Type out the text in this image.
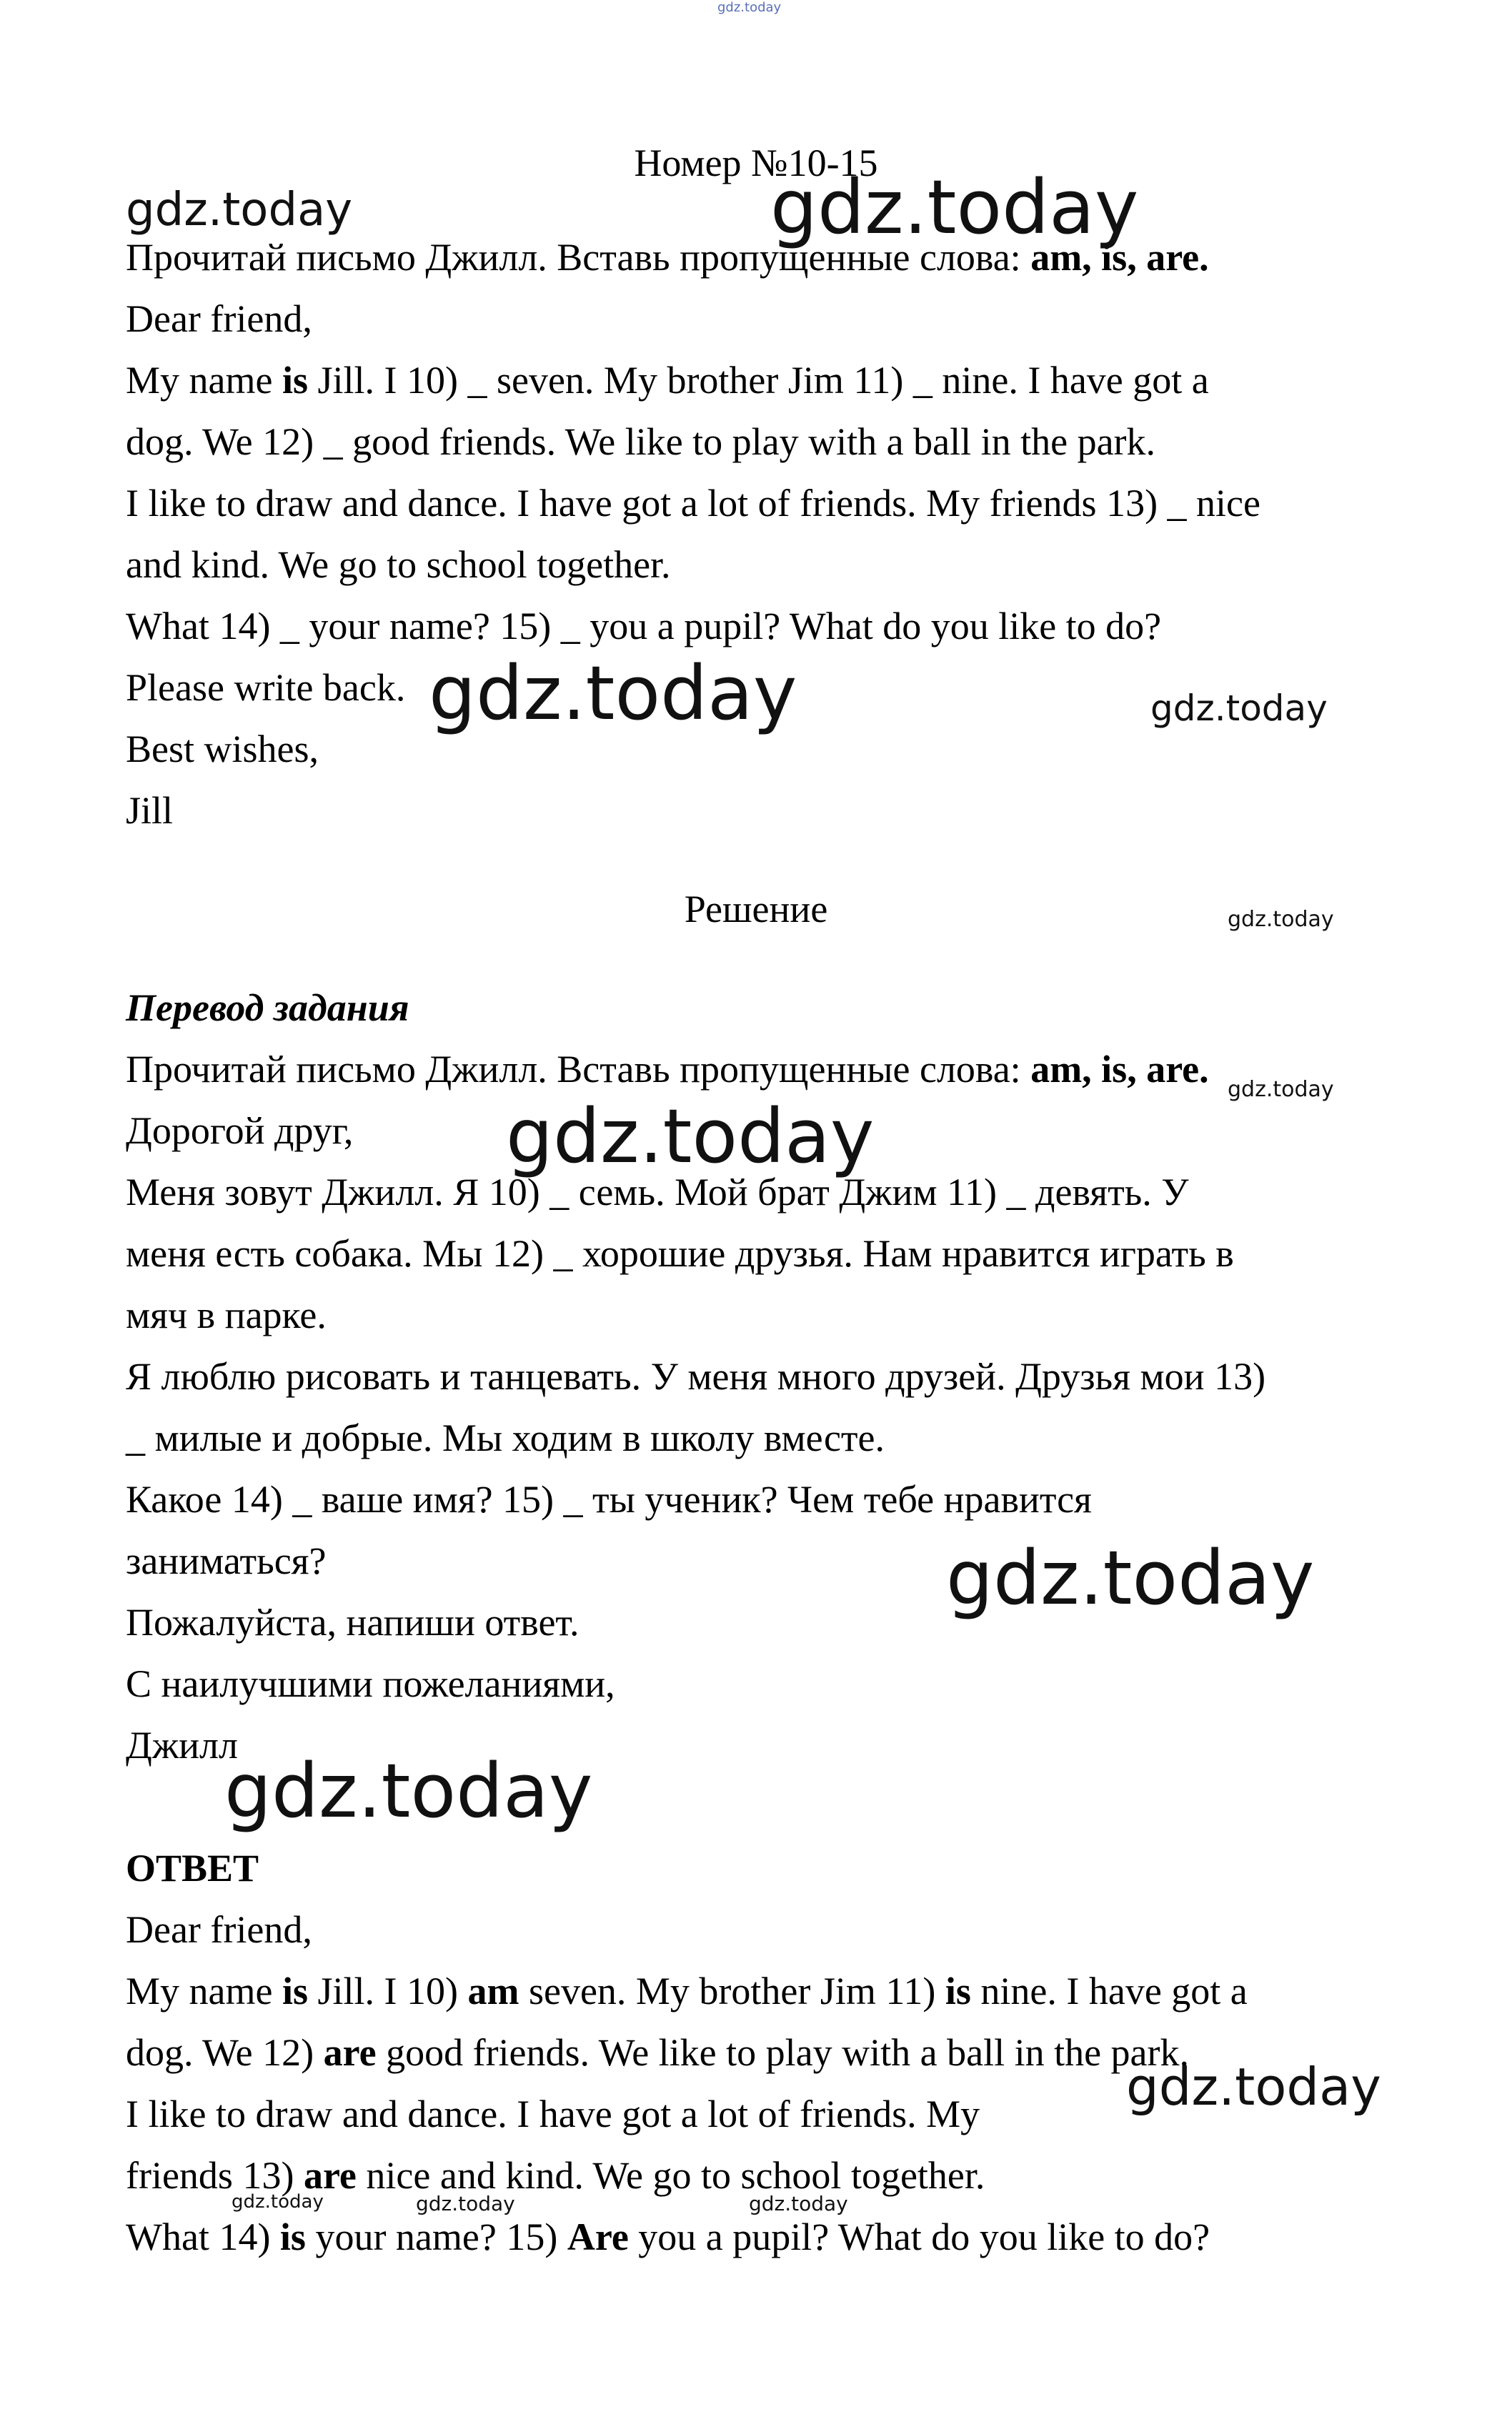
gdz.today
Номер №10-15
Прочитай письмо Джилл. Вставь пропущенные слова: am, is, are.
Dear friend,
My name is Jill. I 10) _ seven. My brother Jim 11) _ nine. I have got a
dog. We 12) _ good friends. We like to play with a ball in the park.
I like to draw and dance. I have got a lot of friends. My friends 13) _ nice
and kind. We go to school together.
What 14) _ your name? 15) _ you a pupil? What do you like to do?
Please write back.
Best wishes,
Jill
Решение
Перевод задания
Прочитай письмо Джилл. Вставь пропущенные слова: am, is, are.
Дорогой друг,
Меня зовут Джилл. Я 10) _ семь. Мой брат Джим 11) _ девять. У
меня есть собака. Мы 12) _ хорошие друзья. Нам нравится играть в
мяч в парке.
Я люблю рисовать и танцевать. У меня много друзей. Друзья мои 13)
_ милые и добрые. Мы ходим в школу вместе.
Какое 14) _ ваше имя? 15) _ ты ученик? Чем тебе нравится
заниматься?
Пожалуйста, напиши ответ.
С наилучшими пожеланиями,
Джилл
ОТВЕТ
Dear friend,
My name is Jill. I 10) am seven. My brother Jim 11) is nine. I have got a
dog. We 12) are good friends. We like to play with a ball in the park.
I like to draw and dance. I have got a lot of friends. My
friends 13) are nice and kind. We go to school together.
What 14) is your name? 15) Are you a pupil? What do you like to do?
gdz.today	gdz.today
gdz.today	gdz.today
gdz.today
gdz.today
gdz.today
gdz.today
gdz.today
gdz.today
gdz.today	gdz.today	gdz.today
